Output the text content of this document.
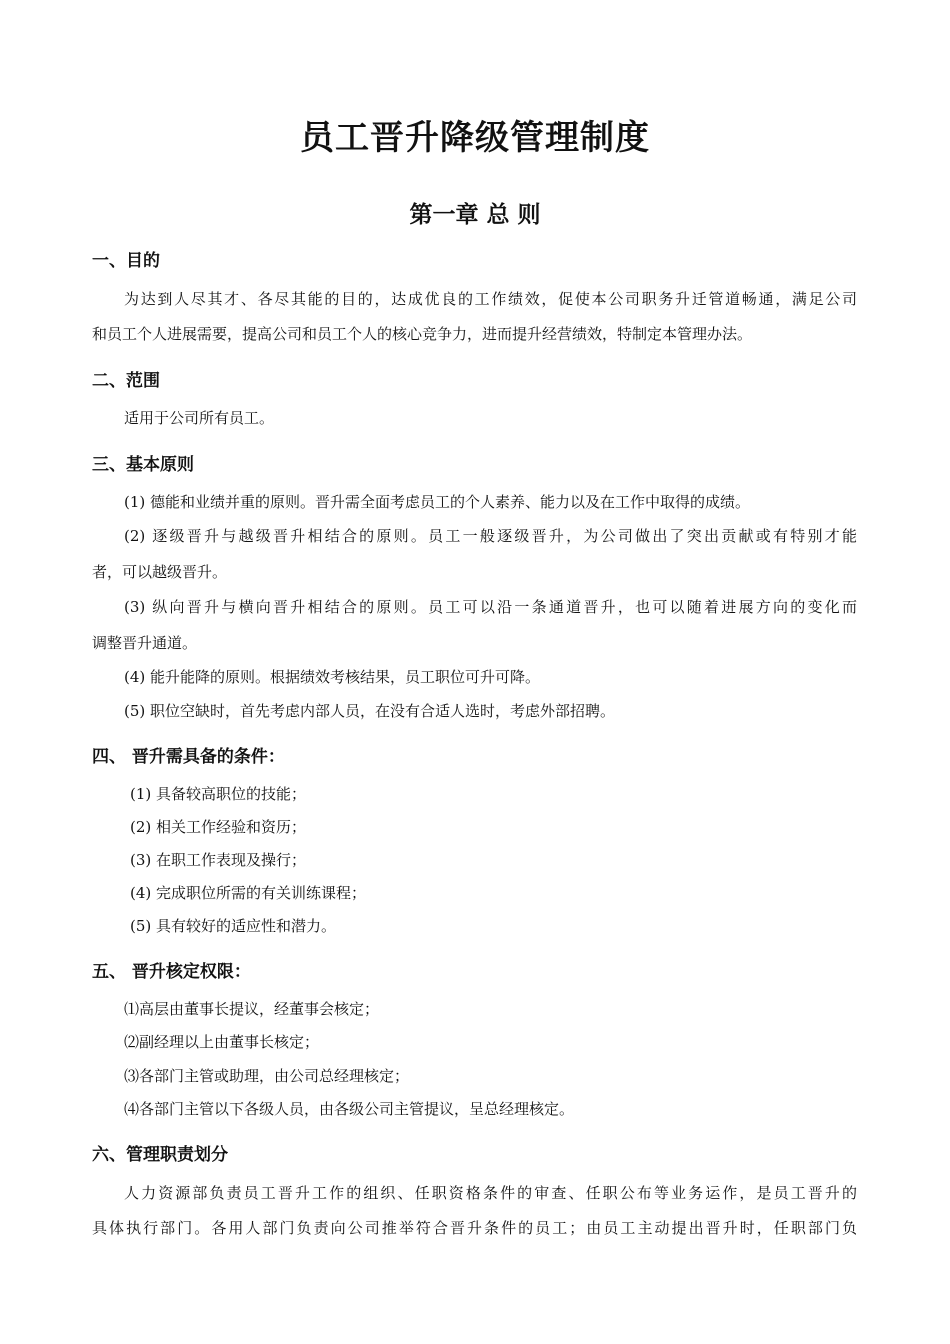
员工晋升降级管理制度
第一章 总 则
一、目的

为达到人尽其才、各尽其能的目的，达成优良的工作绩效，促使本公司职务升迁管道畅通，满足公司

和员工个人进展需要，提高公司和员工个人的核心竞争力，进而提升经营绩效，特制定本管理办法。

二、范围

适用于公司所有员工。

三、基本原则

(1) 德能和业绩并重的原则。晋升需全面考虑员工的个人素养、能力以及在工作中取得的成绩。

(2) 逐级晋升与越级晋升相结合的原则。员工一般逐级晋升，为公司做出了突出贡献或有特别才能

者，可以越级晋升。

(3) 纵向晋升与横向晋升相结合的原则。员工可以沿一条通道晋升，也可以随着进展方向的变化而

调整晋升通道。

(4) 能升能降的原则。根据绩效考核结果，员工职位可升可降。

(5) 职位空缺时，首先考虑内部人员，在没有合适人选时，考虑外部招聘。

四、 晋升需具备的条件：

(1) 具备较高职位的技能；

(2) 相关工作经验和资历；

(3) 在职工作表现及操行；

(4) 完成职位所需的有关训练课程；

(5) 具有较好的适应性和潜力。

五、 晋升核定权限：

⑴高层由董事长提议，经董事会核定；

⑵副经理以上由董事长核定；

⑶各部门主管或助理，由公司总经理核定；

⑷各部门主管以下各级人员，由各级公司主管提议，呈总经理核定。

六、管理职责划分

人力资源部负责员工晋升工作的组织、任职资格条件的审查、任职公布等业务运作，是员工晋升的

具体执行部门。各用人部门负责向公司推举符合晋升条件的员工；由员工主动提出晋升时，任职部门负
